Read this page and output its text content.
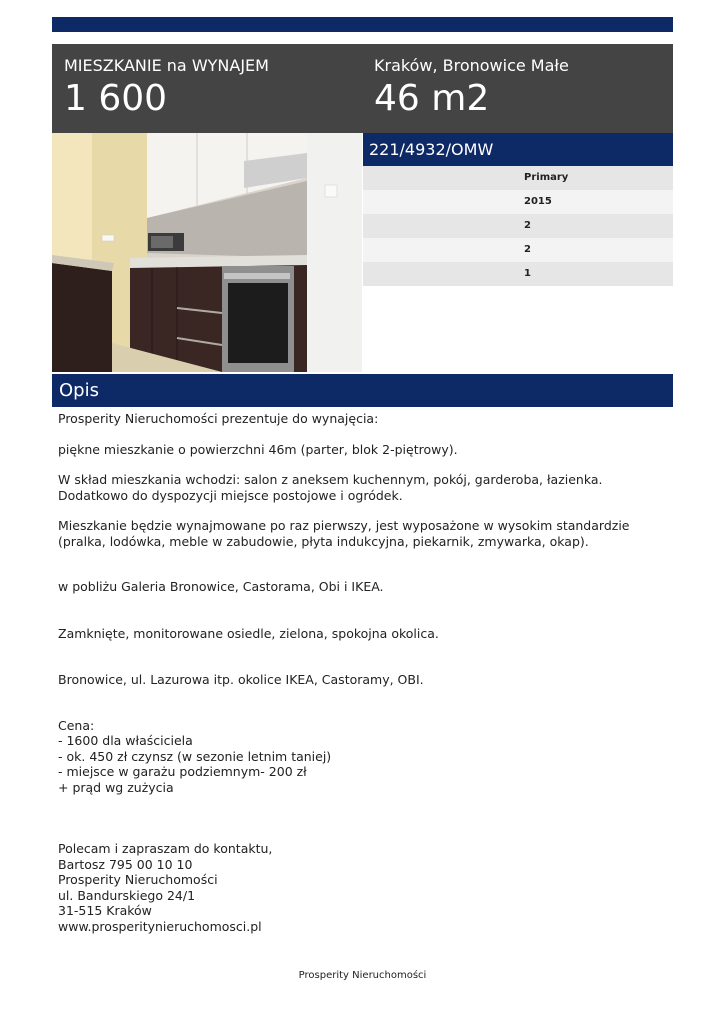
MIESZKANIE na WYNAJEM
1 600
Kraków, Bronowice Małe
46 m2
221/4932/OMW
Primary
2015
2
2
1
Opis

Prosperity Nieruchomości prezentuje do wynajęcia:

piękne mieszkanie o powierzchni 46m (parter, blok 2-piętrowy).

W skład mieszkania wchodzi: salon z aneksem kuchennym, pokój, garderoba, łazienka.
Dodatkowo do dyspozycji miejsce postojowe i ogródek.

Mieszkanie będzie wynajmowane po raz pierwszy, jest wyposażone w wysokim standardzie (pralka, lodówka, meble w zabudowie, płyta indukcyjna, piekarnik, zmywarka, okap).

w pobliżu Galeria Bronowice, Castorama, Obi i IKEA.

Zamknięte, monitorowane osiedle, zielona, spokojna okolica.

Bronowice, ul. Lazurowa itp. okolice IKEA, Castoramy, OBI.

Cena:
- 1600 dla właściciela
- ok. 450 zł czynsz (w sezonie letnim taniej)
- miejsce w garażu podziemnym- 200 zł
+ prąd wg zużycia

Polecam i zapraszam do kontaktu,
Bartosz 795 00 10 10
Prosperity Nieruchomości
ul. Bandurskiego 24/1
31-515 Kraków
www.prosperitynieruchomosci.pl

Prosperity Nieruchomości
